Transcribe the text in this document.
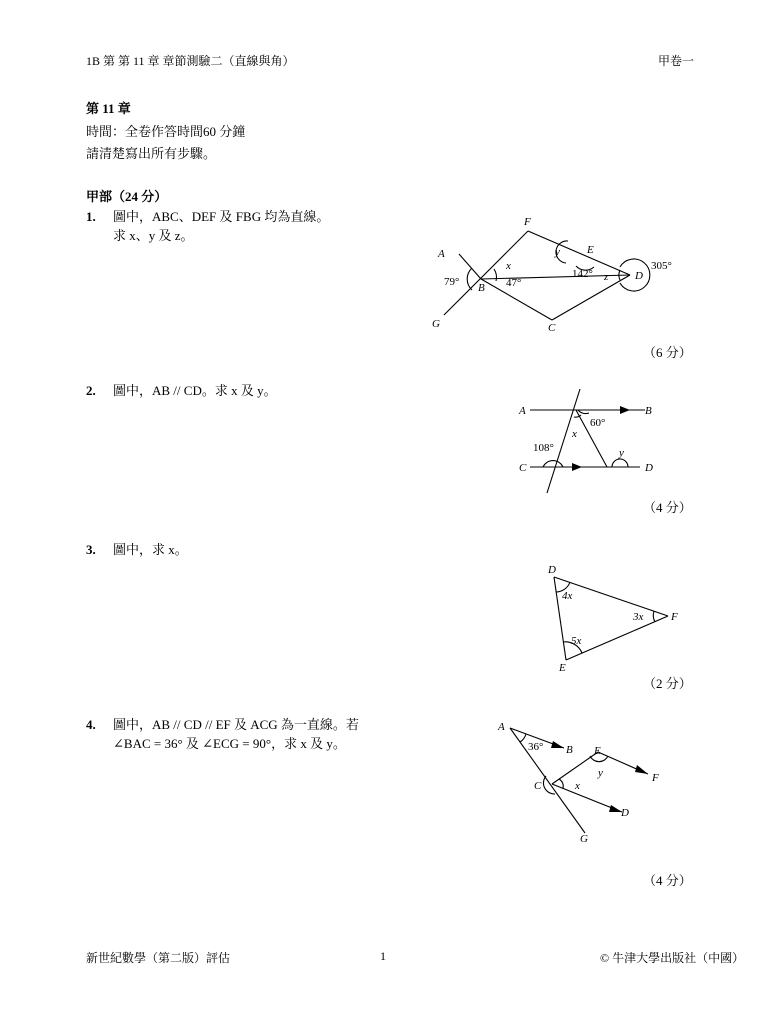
1B 第 第 11 章 章節測驗二（直線與角）	甲卷一
第 11 章
時間：全卷作答時間60 分鐘
請清楚寫出所有步驟。
甲部（24 分）
1. 圖中，ABC、DEF 及 FBG 均為直線。
求 x、y 及 z。
（6 分）
F
A
B
C
D
E
G
x
y
z
79°	47°
142°
305°
2. 圖中，AB // CD。求 x 及 y。
（4 分）
A	B
C	D
x
y
60°
108°
3. 圖中，求 x。
（2 分）
D
E
F
4x
5x
3x
4. 圖中，AB // CD // EF 及 ACG 為一直線。若
∠BAC = 36° 及 ∠ECG = 90°，求 x 及 y。
（4 分）
A
B
C
D
E
F
G
x
y
36°
新世紀數學（第二版）評估	1	© 牛津大學出版社（中國）
